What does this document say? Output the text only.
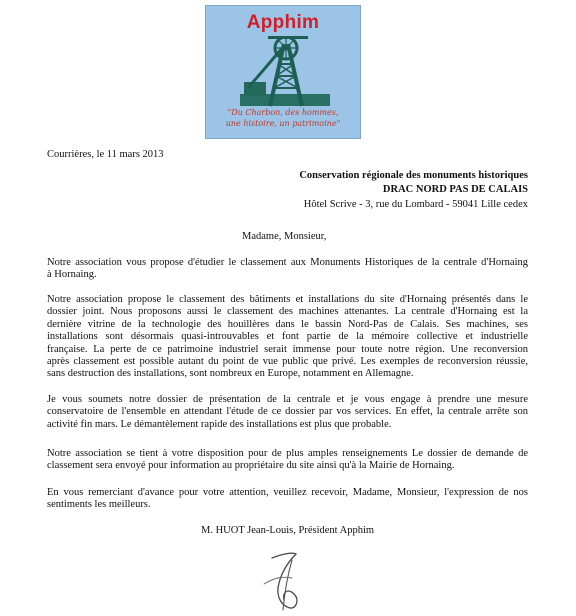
Apphim
"Du Charbon, des hommes,
une histoire, un patrimoine"
Courrières, le 11 mars 2013
Conservation régionale des monuments historiques
DRAC NORD PAS DE CALAIS
Hôtel Scrive - 3, rue du Lombard - 59041 Lille cedex
Madame, Monsieur,
Notre association vous propose d'étudier le classement aux Monuments Historiques de la centrale d'Hornaing
à Hornaing.
Notre association propose le classement des bâtiments et installations du site d'Hornaing présentés dans le
dossier joint. Nous proposons aussi le classement des machines attenantes. La centrale d'Hornaing est la
dernière vitrine de la technologie des houillères dans le bassin Nord-Pas de Calais. Ses machines, ses
installations sont désormais quasi-introuvables et font partie de la mémoire collective et industrielle
française. La perte de ce patrimoine industriel serait immense pour toute notre région. Une reconversion
après classement est possible autant du point de vue public que privé. Les exemples de reconversion réussie,
sans destruction des installations, sont nombreux en Europe, notamment en Allemagne.
Je vous soumets notre dossier de présentation de la centrale et je vous engage à prendre une mesure
conservatoire de l'ensemble en attendant l'étude de ce dossier par vos services. En effet, la centrale arrête son
activité fin mars. Le démantèlement rapide des installations est plus que probable.
Notre association se tient à votre disposition pour de plus amples renseignements Le dossier de demande de
classement sera envoyé pour information au propriétaire du site ainsi qu'à la Mairie de Hornaing.
En vous remerciant d'avance pour votre attention, veuillez recevoir, Madame, Monsieur, l'expression de nos
sentiments les meilleurs.
M. HUOT Jean-Louis, Président Apphim
